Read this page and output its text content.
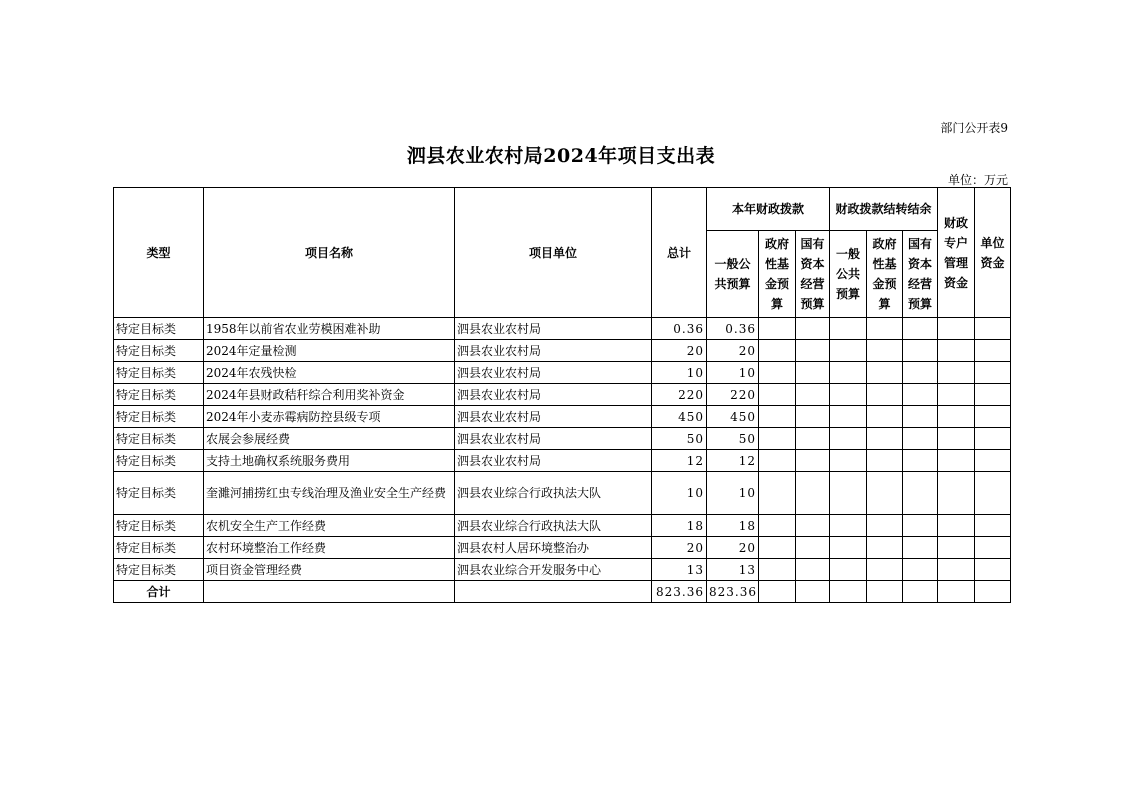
部门公开表9
泗县农业农村局2024年项目支出表
单位：万元
类型	项目名称	项目单位	总计	本年财政拨款			财政拨款结转结余			财政专户管理资金	单位资金
				一般公共预算	政府性基金预算	国有资本经营预算	一般公共预算	政府性基金预算	国有资本经营预算		
特定目标类	1958年以前省农业劳模困难补助	泗县农业农村局	0.36	0.36							
特定目标类	2024年定量检测	泗县农业农村局	20	20							
特定目标类	2024年农残快检	泗县农业农村局	10	10							
特定目标类	2024年县财政秸秆综合利用奖补资金	泗县农业农村局	220	220							
特定目标类	2024年小麦赤霉病防控县级专项	泗县农业农村局	450	450							
特定目标类	农展会参展经费	泗县农业农村局	50	50							
特定目标类	支持土地确权系统服务费用	泗县农业农村局	12	12							
特定目标类	奎濉河捕捞红虫专线治理及渔业安全生产经费	泗县农业综合行政执法大队	10	10							
特定目标类	农机安全生产工作经费	泗县农业综合行政执法大队	18	18							
特定目标类	农村环境整治工作经费	泗县农村人居环境整治办	20	20							
特定目标类	项目资金管理经费	泗县农业综合开发服务中心	13	13							
合计			823.36	823.36							
